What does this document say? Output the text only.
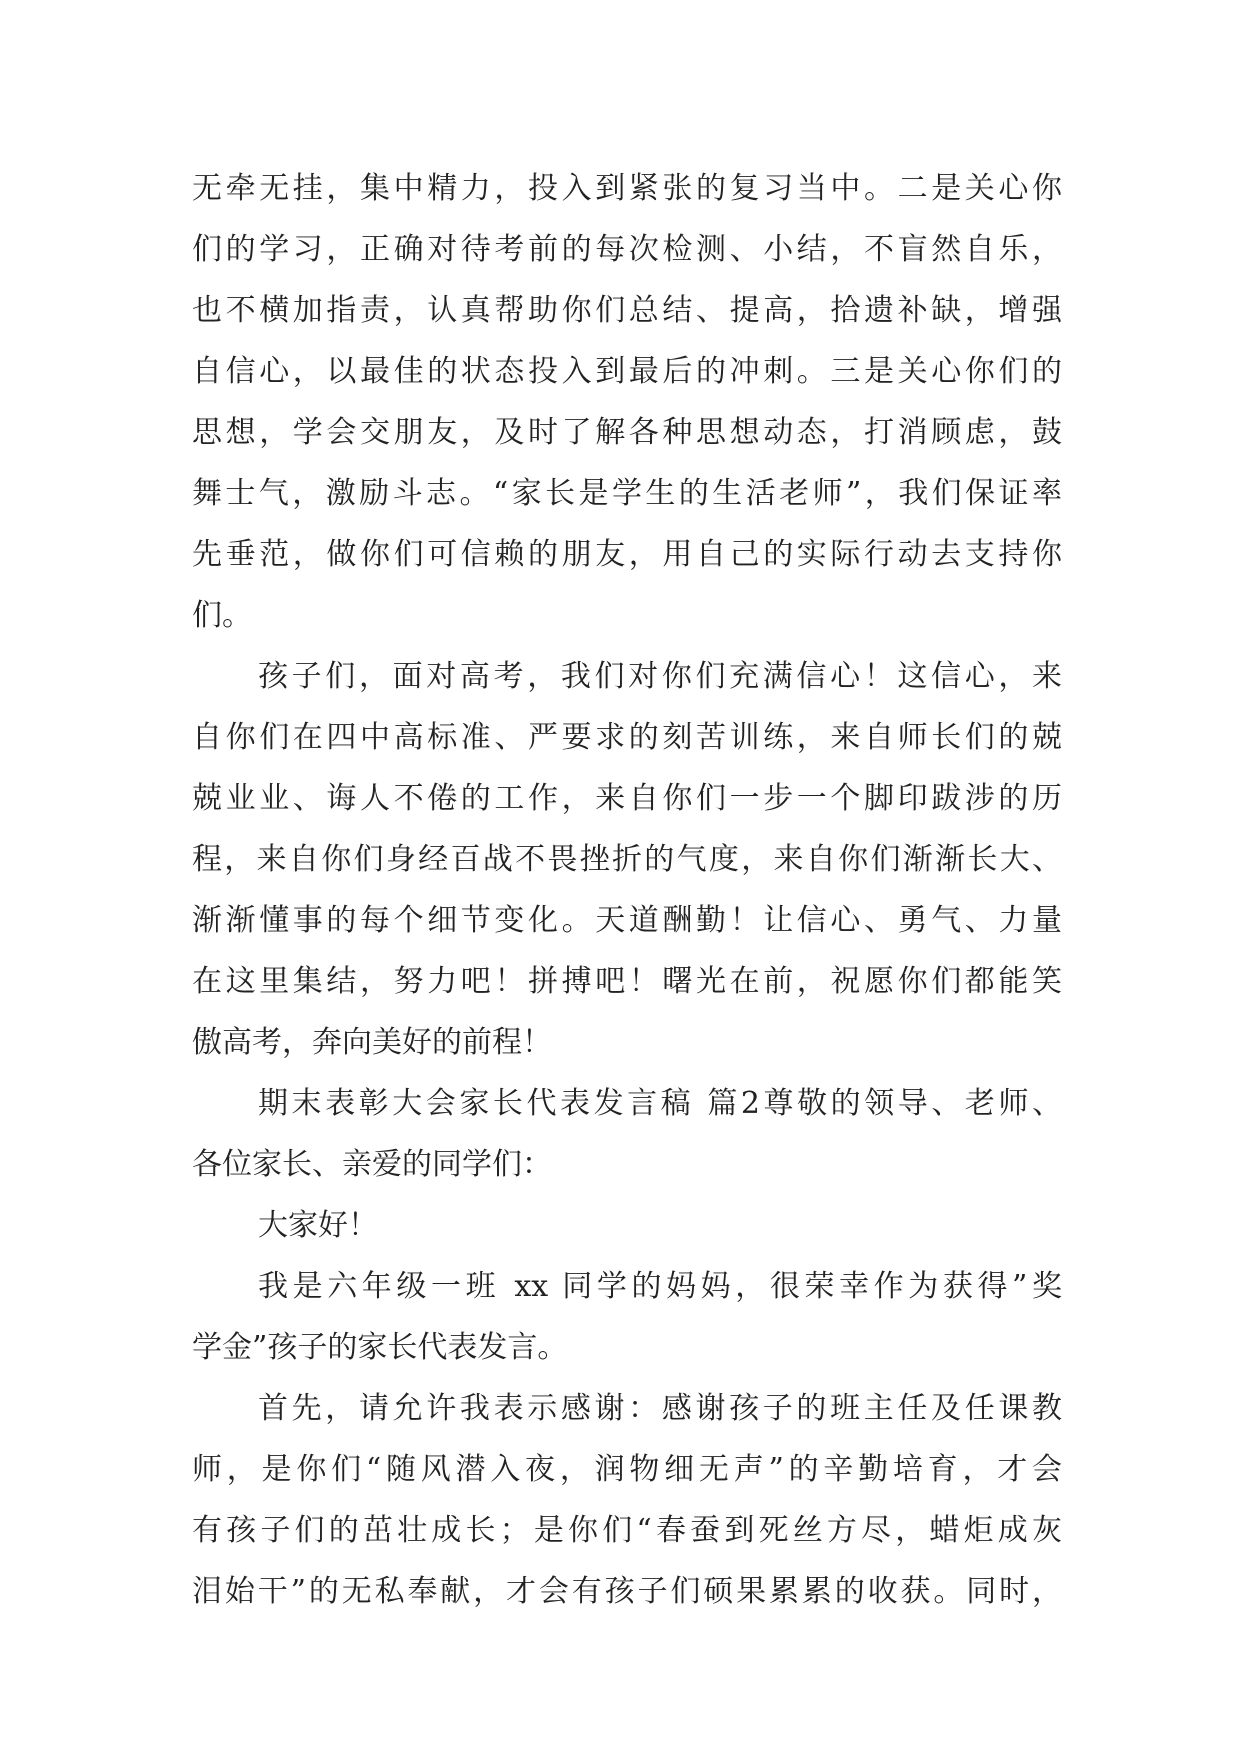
无牵无挂，集中精力，投入到紧张的复习当中。二是关心你
们的学习，正确对待考前的每次检测、小结，不盲然自乐，
也不横加指责，认真帮助你们总结、提高，拾遗补缺，增强
自信心，以最佳的状态投入到最后的冲刺。三是关心你们的
思想，学会交朋友，及时了解各种思想动态，打消顾虑，鼓
舞士气，激励斗志。“家长是学生的生活老师”，我们保证率
先垂范，做你们可信赖的朋友，用自己的实际行动去支持你
们。
孩子们，面对高考，我们对你们充满信心！这信心，来
自你们在四中高标准、严要求的刻苦训练，来自师长们的兢
兢业业、诲人不倦的工作，来自你们一步一个脚印跋涉的历
程，来自你们身经百战不畏挫折的气度，来自你们渐渐长大、
渐渐懂事的每个细节变化。天道酬勤！让信心、勇气、力量
在这里集结，努力吧！拼搏吧！曙光在前，祝愿你们都能笑
傲高考，奔向美好的前程！
期末表彰大会家长代表发言稿 篇2尊敬的领导、老师、
各位家长、亲爱的同学们：
大家好！
我是六年级一班 xx 同学的妈妈，很荣幸作为获得”奖
学金”孩子的家长代表发言。
首先，请允许我表示感谢：感谢孩子的班主任及任课教
师，是你们“随风潜入夜，润物细无声”的辛勤培育，才会
有孩子们的茁壮成长；是你们“春蚕到死丝方尽，蜡炬成灰
泪始干”的无私奉献，才会有孩子们硕果累累的收获。同时，
